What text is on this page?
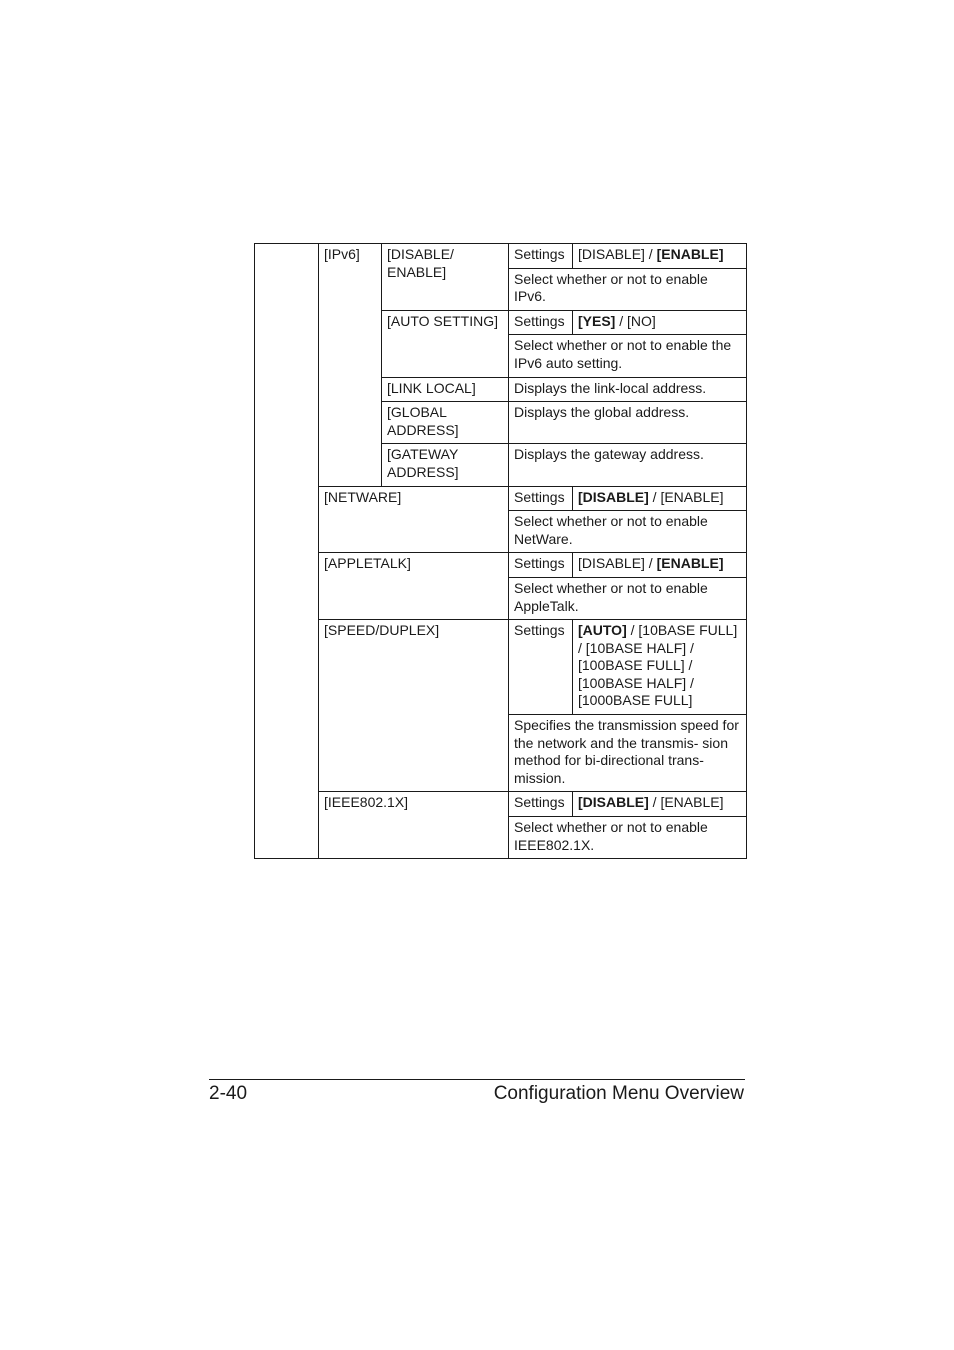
	[IPv6]	[DISABLE/ ENABLE]	Settings	[DISABLE] / [ENABLE]
			Select whether or not to enable IPv6.	
		[AUTO SETTING]	Settings	[YES] / [NO]
			Select whether or not to enable the IPv6 auto setting.	
		[LINK LOCAL]	Displays the link-local address.	
		[GLOBAL ADDRESS]	Displays the global address.	

		[GATEWAY ADDRESS]	Displays the gateway address.	

	[NETWARE]		Settings	[DISABLE] / [ENABLE]
			Select whether or not to enable NetWare.	
	[APPLETALK]		Settings	[DISABLE] / [ENABLE]
			Select whether or not to enable AppleTalk.	
	[SPEED/DUPLEX]		Settings	[AUTO] / [10BASE FULL] / [10BASE HALF] / [100BASE FULL] / [100BASE HALF] / [1000BASE FULL]

			Specifies the transmission speed for the network and the transmis- sion method for bi-directional trans- mission.	
	[IEEE802.1X]		Settings	[DISABLE] / [ENABLE]
			Select whether or not to enable IEEE802.1X.	
2-40	Configuration Menu Overview
